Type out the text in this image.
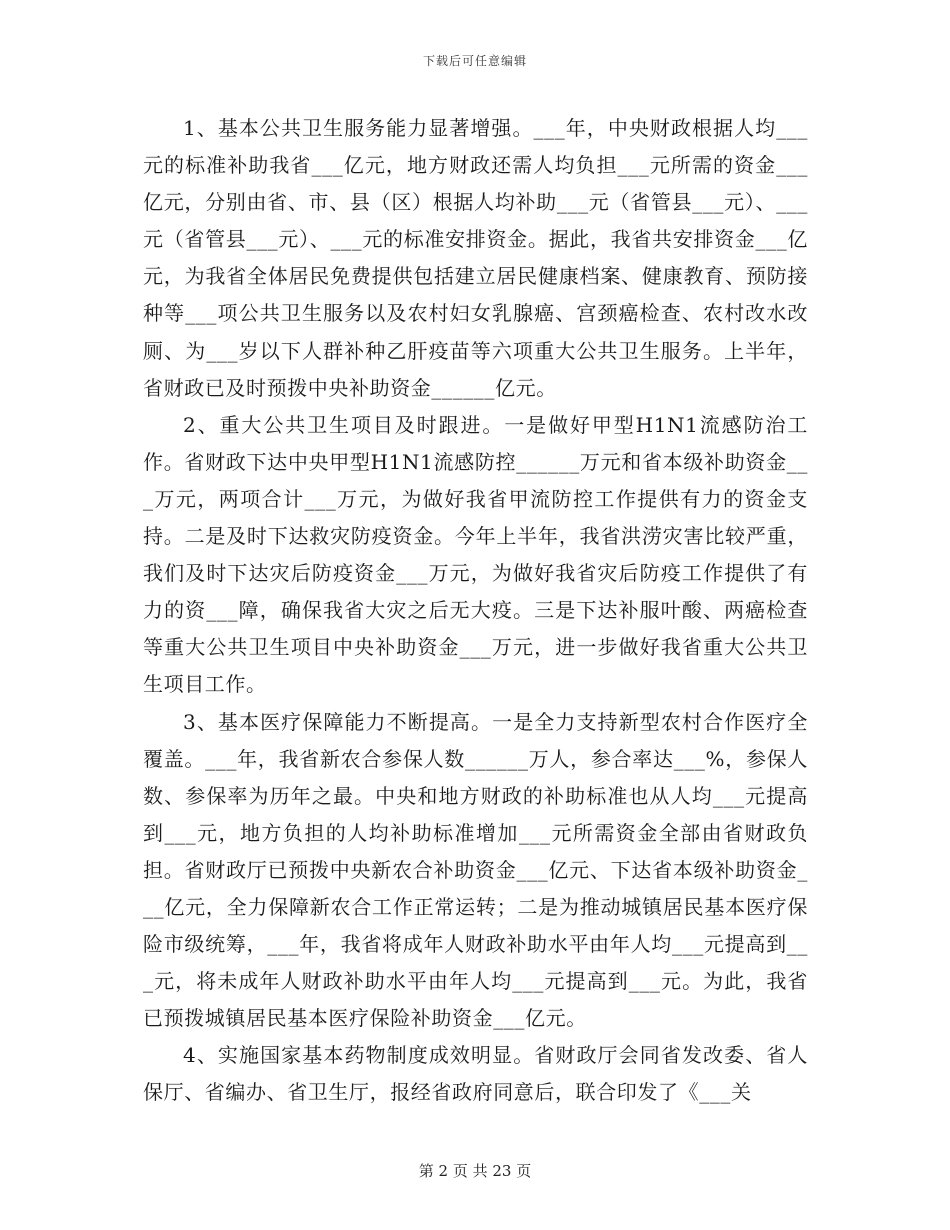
下载后可任意编辑

1、基本公共卫生服务能力显著增强。___年，中央财政根据人均___元的标准补助我省___亿元，地方财政还需人均负担___元所需的资金___亿元，分别由省、市、县（区）根据人均补助___元（省管县___元）、___元（省管县___元）、___元的标准安排资金。据此，我省共安排资金___亿元，为我省全体居民免费提供包括建立居民健康档案、健康教育、预防接种等___项公共卫生服务以及农村妇女乳腺癌、宫颈癌检查、农村改水改厕、为___岁以下人群补种乙肝疫苗等六项重大公共卫生服务。上半年，省财政已及时预拨中央补助资金______亿元。

2、重大公共卫生项目及时跟进。一是做好甲型H1N1流感防治工作。省财政下达中央甲型H1N1流感防控______万元和省本级补助资金___万元，两项合计___万元，为做好我省甲流防控工作提供有力的资金支持。二是及时下达救灾防疫资金。今年上半年，我省洪涝灾害比较严重，我们及时下达灾后防疫资金___万元，为做好我省灾后防疫工作提供了有力的资___障，确保我省大灾之后无大疫。三是下达补服叶酸、两癌检查等重大公共卫生项目中央补助资金___万元，进一步做好我省重大公共卫生项目工作。

3、基本医疗保障能力不断提高。一是全力支持新型农村合作医疗全覆盖。___年，我省新农合参保人数______万人，参合率达___%，参保人数、参保率为历年之最。中央和地方财政的补助标准也从人均___元提高到___元，地方负担的人均补助标准增加___元所需资金全部由省财政负担。省财政厅已预拨中央新农合补助资金___亿元、下达省本级补助资金___亿元，全力保障新农合工作正常运转；二是为推动城镇居民基本医疗保险市级统筹，___年，我省将成年人财政补助水平由年人均___元提高到___元，将未成年人财政补助水平由年人均___元提高到___元。为此，我省已预拨城镇居民基本医疗保险补助资金___亿元。

4、实施国家基本药物制度成效明显。省财政厅会同省发改委、省人保厅、省编办、省卫生厅，报经省政府同意后，联合印发了《___关

第 2 页 共 23 页
